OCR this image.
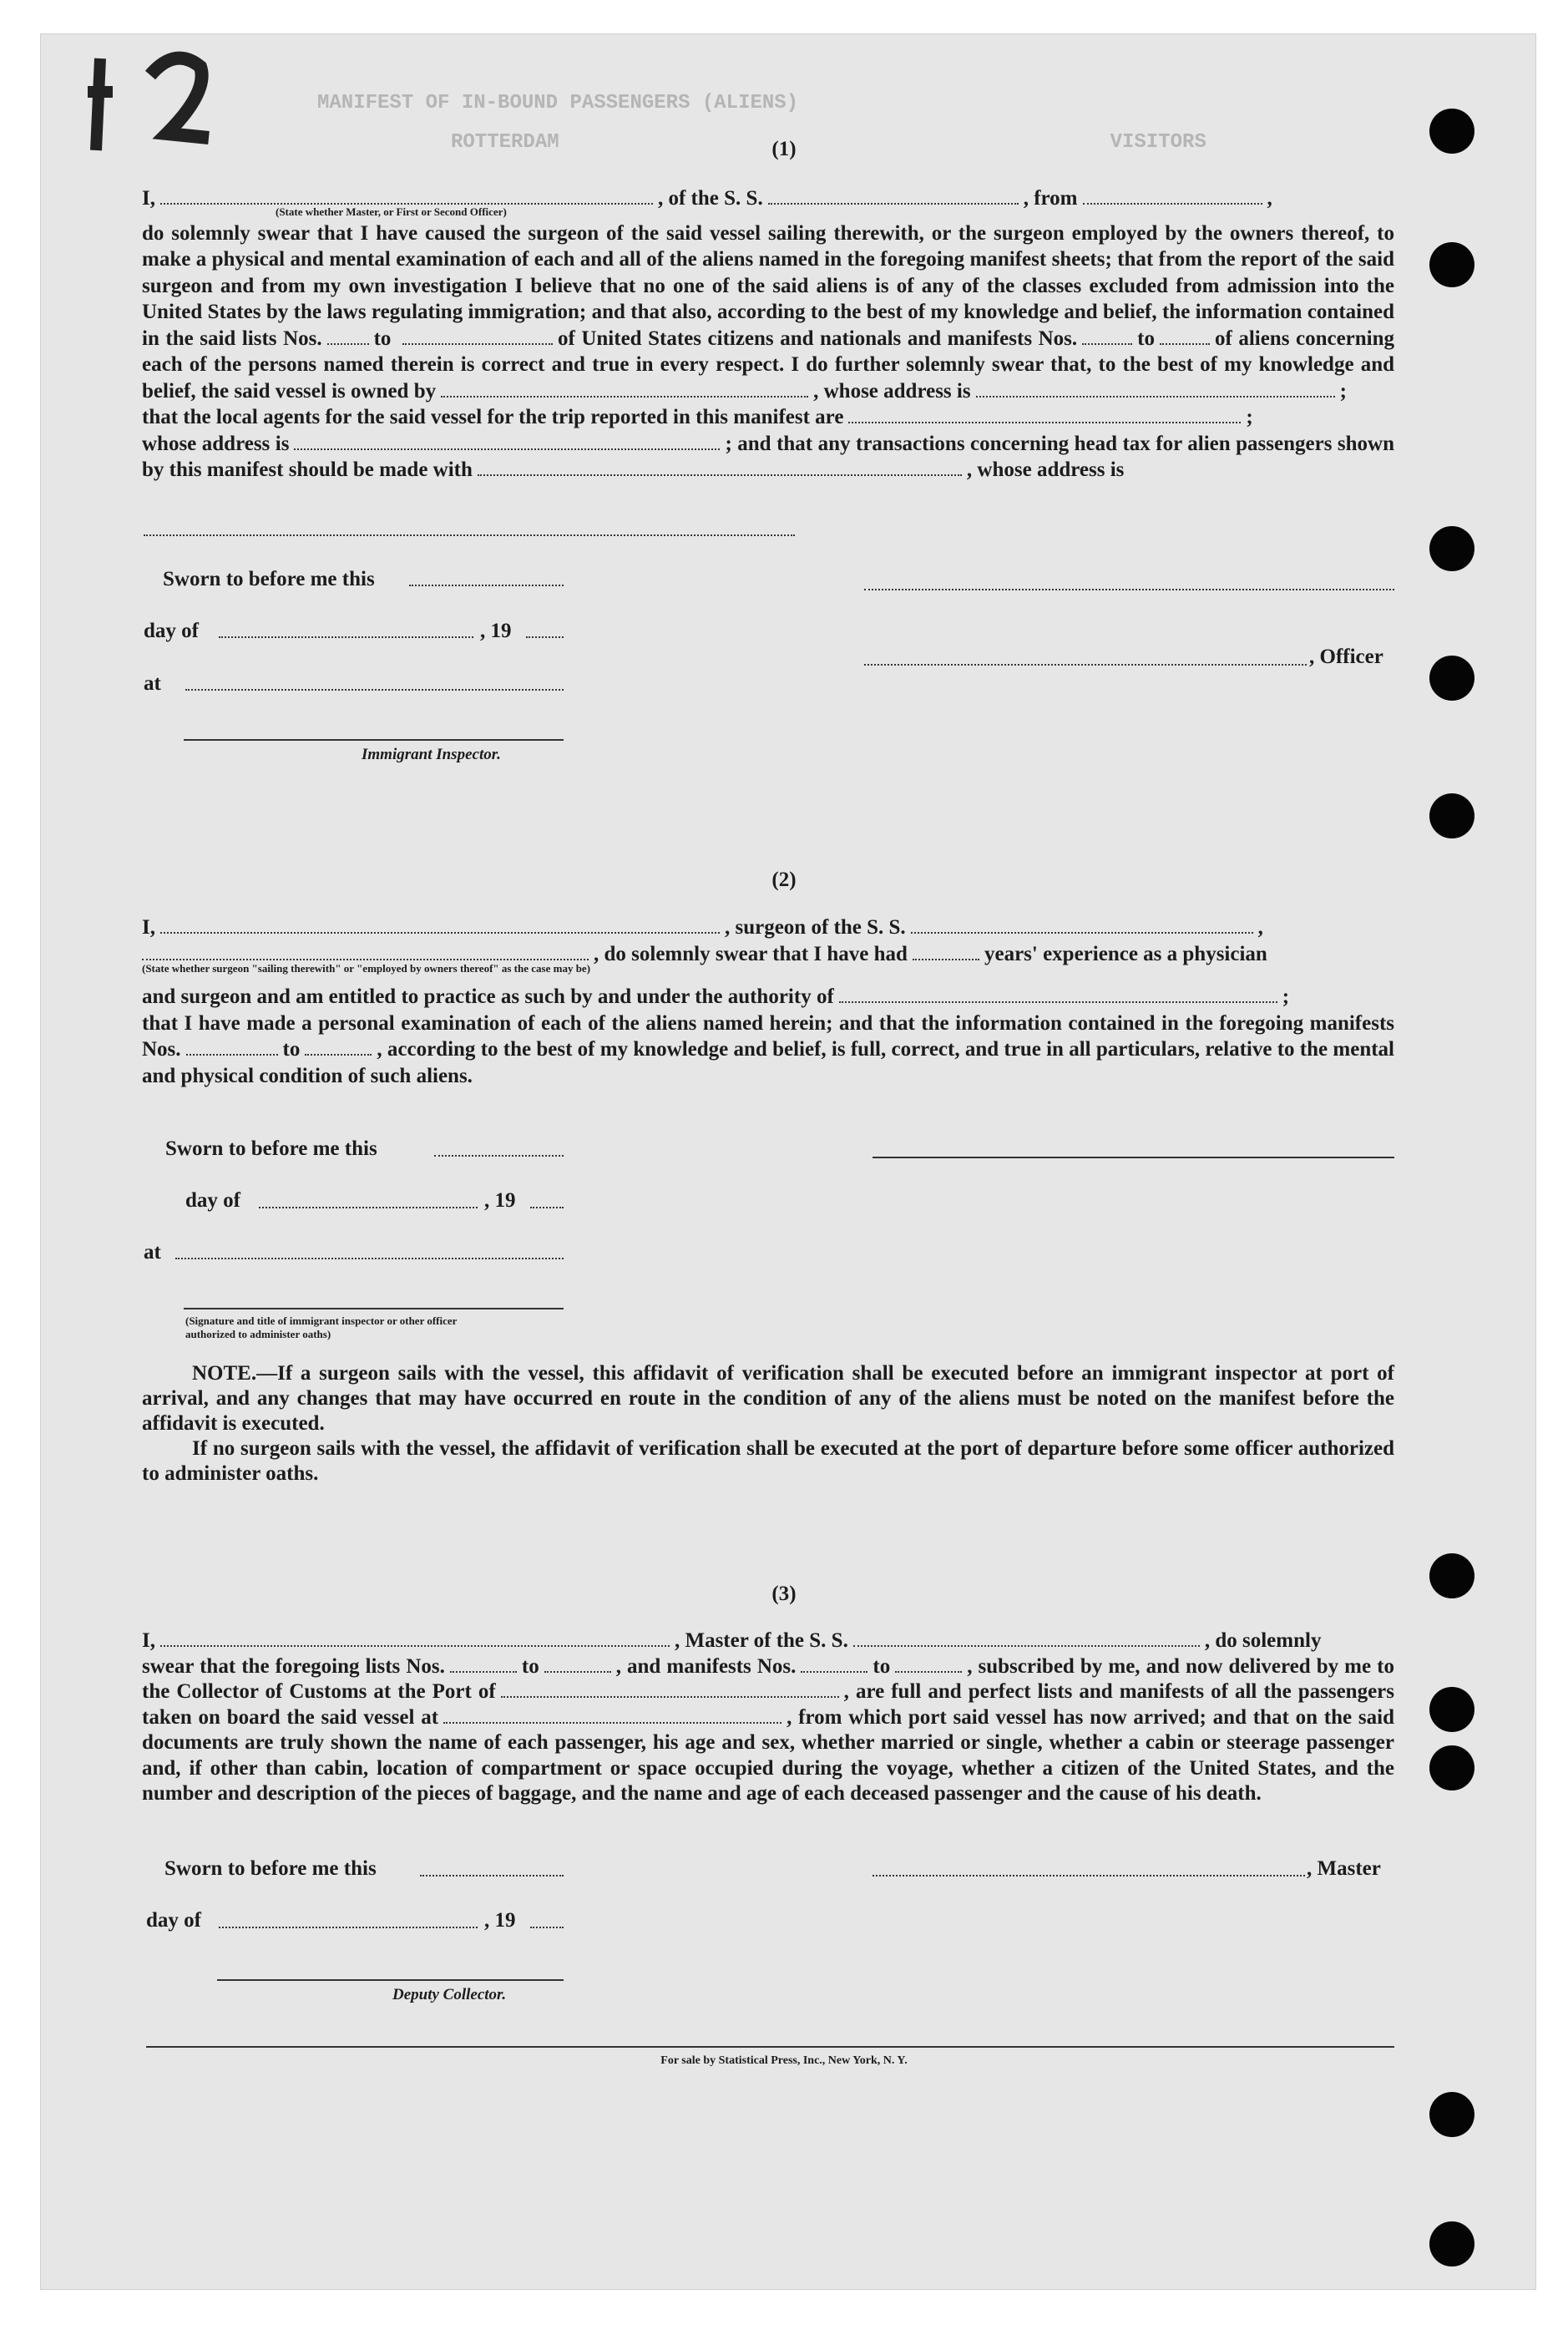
MANIFEST OF IN-BOUND PASSENGERS (ALIENS)
ROTTERDAM	VISITORS
(1)

I,	, of the S. S.	, from	,

(State whether Master, or First or Second Officer)

do solemnly swear that I have caused the surgeon of the said vessel sailing therewith, or the surgeon employed by the owners thereof, to make a physical and mental examination of each and all of the aliens named in the foregoing manifest sheets; that from the report of the said surgeon and from my own investigation I believe that no one of the said aliens is of any of the classes excluded from admission into the United States by the laws regulating immigration; and that also, according to the best of my knowledge and belief, the information contained in the said lists Nos. to	of United States citizens and nationals and manifests Nos.	to	of aliens concerning each of the persons named therein is correct and true in every respect. I do further solemnly swear that, to the best of my knowledge and belief, the said vessel is owned by	, whose address is	;

that the local agents for the said vessel for the trip reported in this manifest are	;

whose address is	; and that any transactions concerning head tax for alien passengers shown by this manifest should be made with	, whose address is

Sworn to before me this
day of	, 19
, Officer
at
Immigrant Inspector.
(2)

I,	, surgeon of the S. S.	,

, do solemnly swear that I have had	years' experience as a physician

(State whether surgeon "sailing therewith" or "employed by owners thereof" as the case may be)

and surgeon and am entitled to practice as such by and under the authority of	;

that I have made a personal examination of each of the aliens named herein; and that the information contained in the foregoing manifests Nos.	to	, according to the best of my knowledge and belief, is full, correct, and true in all particulars, relative to the mental and physical condition of such aliens.

Sworn to before me this
day of	, 19
at
(Signature and title of immigrant inspector or other officer authorized to administer oaths)

NOTE.—If a surgeon sails with the vessel, this affidavit of verification shall be executed before an immigrant inspector at port of arrival, and any changes that may have occurred en route in the condition of any of the aliens must be noted on the manifest before the affidavit is executed.

If no surgeon sails with the vessel, the affidavit of verification shall be executed at the port of departure before some officer authorized to administer oaths.

(3)

I,	, Master of the S. S.	, do solemnly

swear that the foregoing lists Nos.	to	, and manifests Nos.	to	, subscribed by me, and now delivered by me to the Collector of Customs at the Port of	, are full and perfect lists and manifests of all the passengers taken on board the said vessel at	, from which port said vessel has now arrived; and that on the said documents are truly shown the name of each passenger, his age and sex, whether married or single, whether a cabin or steerage passenger and, if other than cabin, location of compartment or space occupied during the voyage, whether a citizen of the United States, and the number and description of the pieces of baggage, and the name and age of each deceased passenger and the cause of his death.

Sworn to before me this	, Master
day of	, 19
Deputy Collector.
For sale by Statistical Press, Inc., New York, N. Y.
